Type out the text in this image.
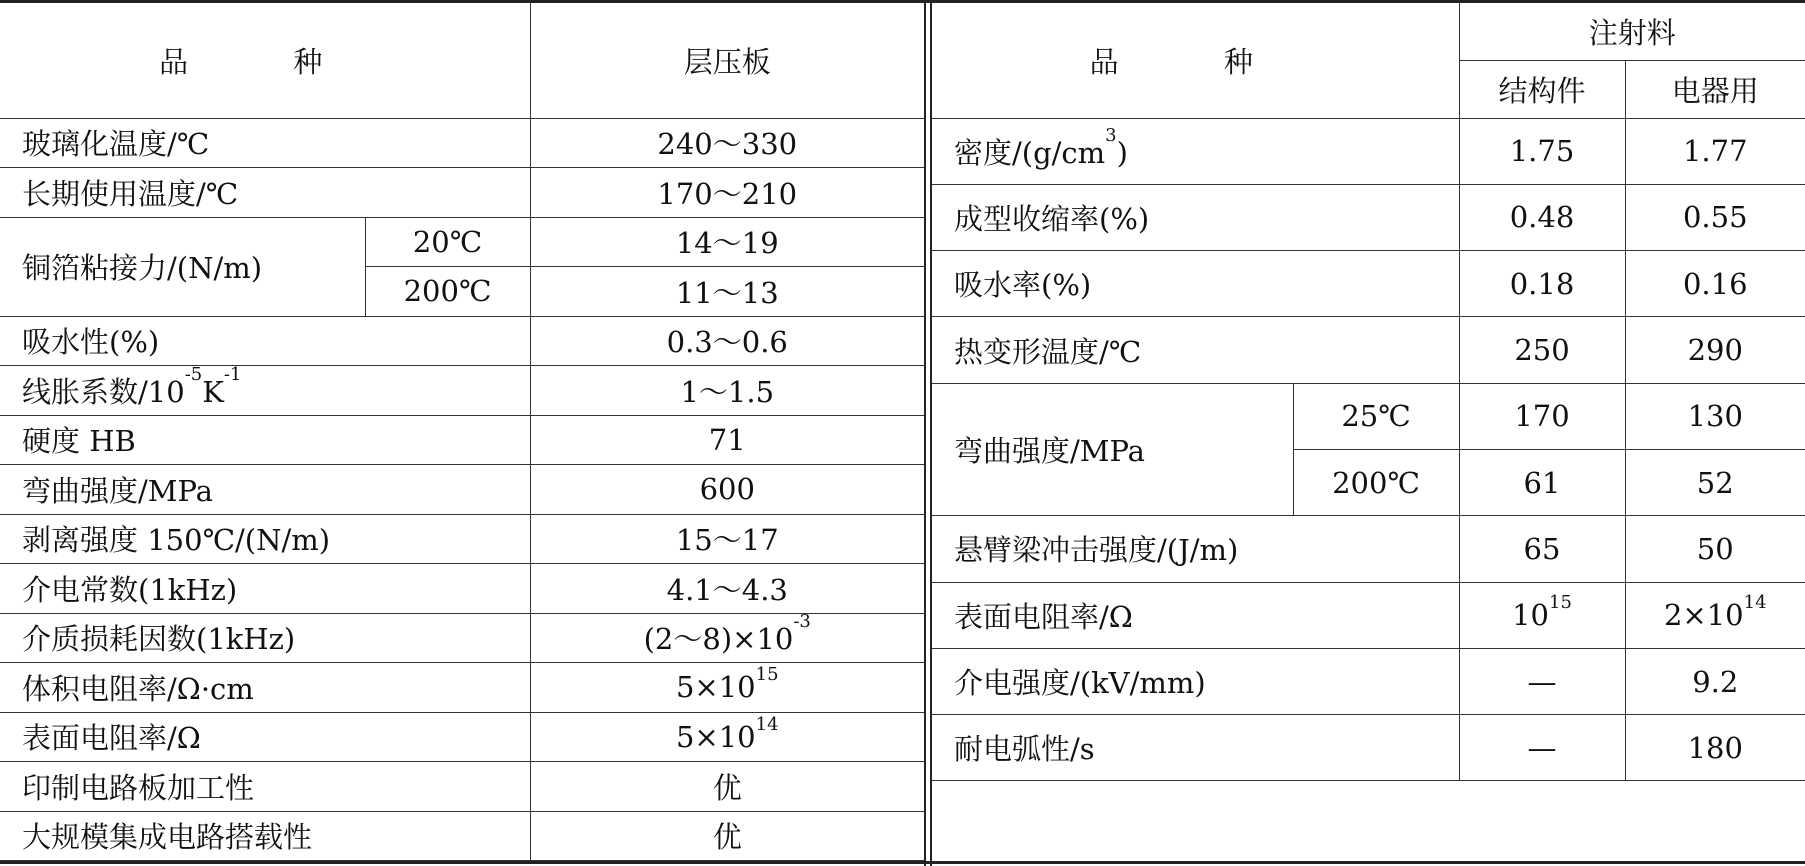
品 种		层压板
玻璃化温度/℃		240～330
长期使用温度/℃		170～210
铜箔粘接力/(N/m)	20℃	14～19
	200℃	11～13
吸水性(%)		0.3～0.6
线胀系数$/10^{-5}K^{-1}$		1～1.5
硬度 HB		71
弯曲强度/MPa		600
剥离强度 150℃/(N/m)		15～17
介电常数(1kHz)		4.1～4.3
介质损耗因数(1kHz)		$(2\sim 8)\times 10^{-3}$
体积电阻率/Ω·cm		$5\times 10^{15}$
表面电阻率/Ω		$5\times 10^{14}$
印制电路板加工性		优
大规模集成电路搭载性		优
品 种		注射料	
		结构件	电器用
密度$/(g/cm^3)$		1.75	1.77
成型收缩率(%)		0.48	0.55
吸水率(%)		0.18	0.16
热变形温度/℃		250	290
弯曲强度/MPa	25℃	170	130
	200℃	61	52
悬臂梁冲击强度/(J/m)		65	50
表面电阻率/Ω		$10^{15}$	$2\times 10^{14}$
介电强度/(kV/mm)		—	9.2
耐电弧性/s		—	180
